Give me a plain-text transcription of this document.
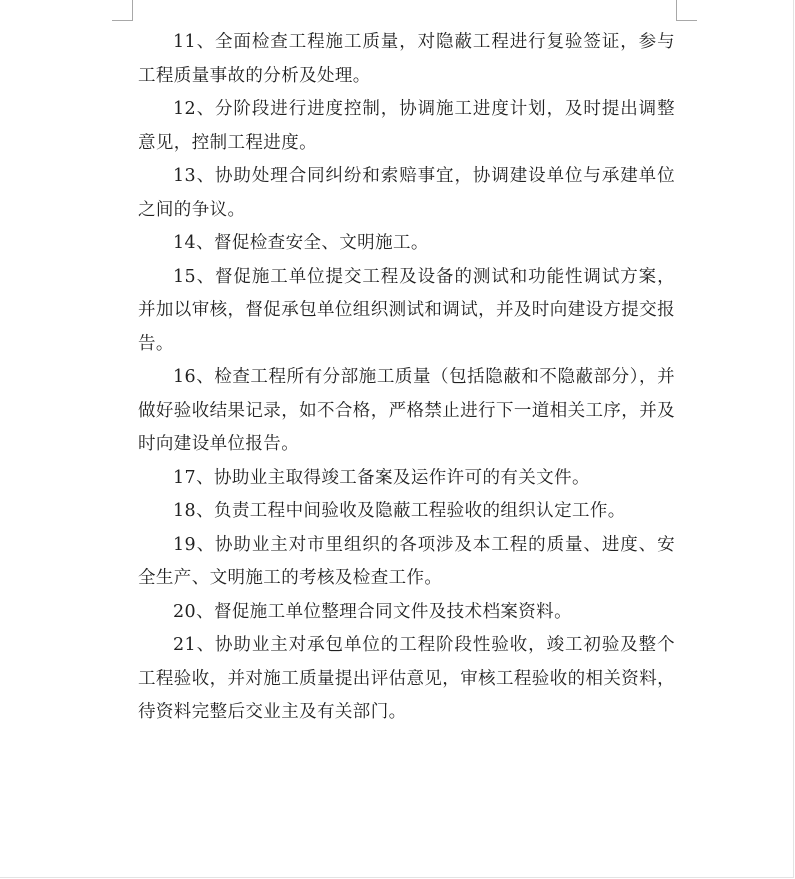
11、全面检查工程施工质量，对隐蔽工程进行复验签证，参与工程质量事故的分析及处理。

12、分阶段进行进度控制，协调施工进度计划，及时提出调整意见，控制工程进度。

13、协助处理合同纠纷和索赔事宜，协调建设单位与承建单位之间的争议。

14、督促检查安全、文明施工。

15、督促施工单位提交工程及设备的测试和功能性调试方案，并加以审核，督促承包单位组织测试和调试，并及时向建设方提交报告。

16、检查工程所有分部施工质量（包括隐蔽和不隐蔽部分），并做好验收结果记录，如不合格，严格禁止进行下一道相关工序，并及时向建设单位报告。

17、协助业主取得竣工备案及运作许可的有关文件。

18、负责工程中间验收及隐蔽工程验收的组织认定工作。

19、协助业主对市里组织的各项涉及本工程的质量、进度、安全生产、文明施工的考核及检查工作。

20、督促施工单位整理合同文件及技术档案资料。

21、协助业主对承包单位的工程阶段性验收，竣工初验及整个工程验收，并对施工质量提出评估意见，审核工程验收的相关资料，待资料完整后交业主及有关部门。
